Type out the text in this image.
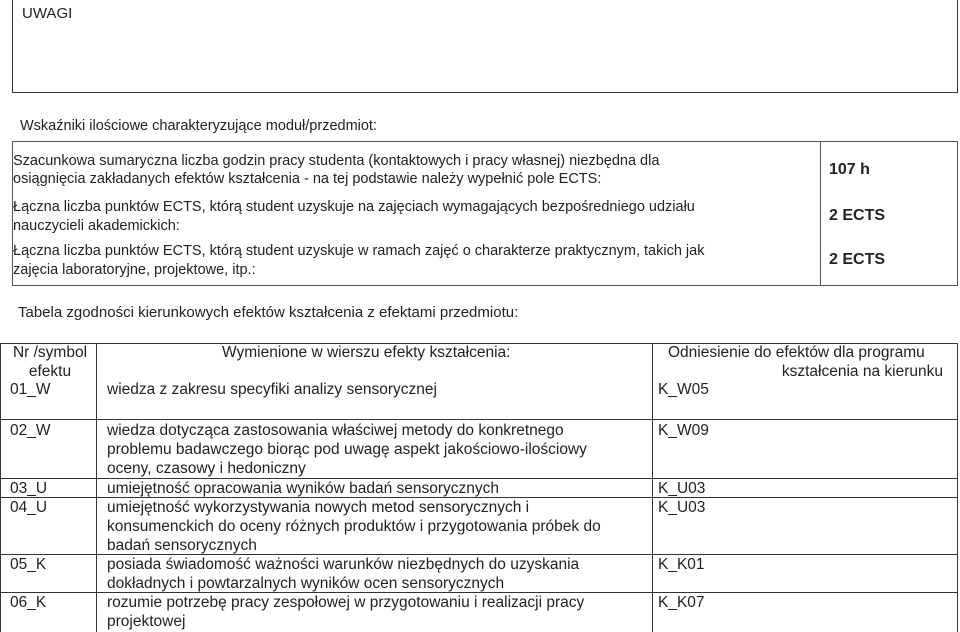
UWAGI
Wskaźniki ilościowe charakteryzujące moduł/przedmiot:
Szacunkowa sumaryczna liczba godzin pracy studenta (kontaktowych i pracy własnej) niezbędna dla
osiągnięcia zakładanych efektów kształcenia - na tej podstawie należy wypełnić pole ECTS:
107 h
Łączna liczba punktów ECTS, którą student uzyskuje na zajęciach wymagających bezpośredniego udziału
nauczycieli akademickich:
2 ECTS
Łączna liczba punktów ECTS, którą student uzyskuje w ramach zajęć o charakterze praktycznym, takich jak
zajęcia laboratoryjne, projektowe, itp.:
2 ECTS
Tabela zgodności kierunkowych efektów kształcenia z efektami przedmiotu:
Nr /symbol
efektu
Wymienione w wierszu efekty kształcenia:	Odniesienie do efektów dla programu
kształcenia na kierunku
01_W	wiedza z zakresu specyfiki analizy sensorycznej	K_W05
02_W	wiedza dotycząca zastosowania właściwej metody do konkretnego
problemu badawczego biorąc pod uwagę aspekt jakościowo-ilościowy
oceny, czasowy i hedoniczny
K_W09
03_U	umiejętność opracowania wyników badań sensorycznych	K_U03
04_U	umiejętność wykorzystywania nowych metod sensorycznych i
konsumenckich do oceny różnych produktów i przygotowania próbek do
badań sensorycznych
K_U03
05_K	posiada świadomość ważności warunków niezbędnych do uzyskania
dokładnych i powtarzalnych wyników ocen sensorycznych
K_K01
06_K	rozumie potrzebę pracy zespołowej w przygotowaniu i realizacji pracy
projektowej
K_K07
